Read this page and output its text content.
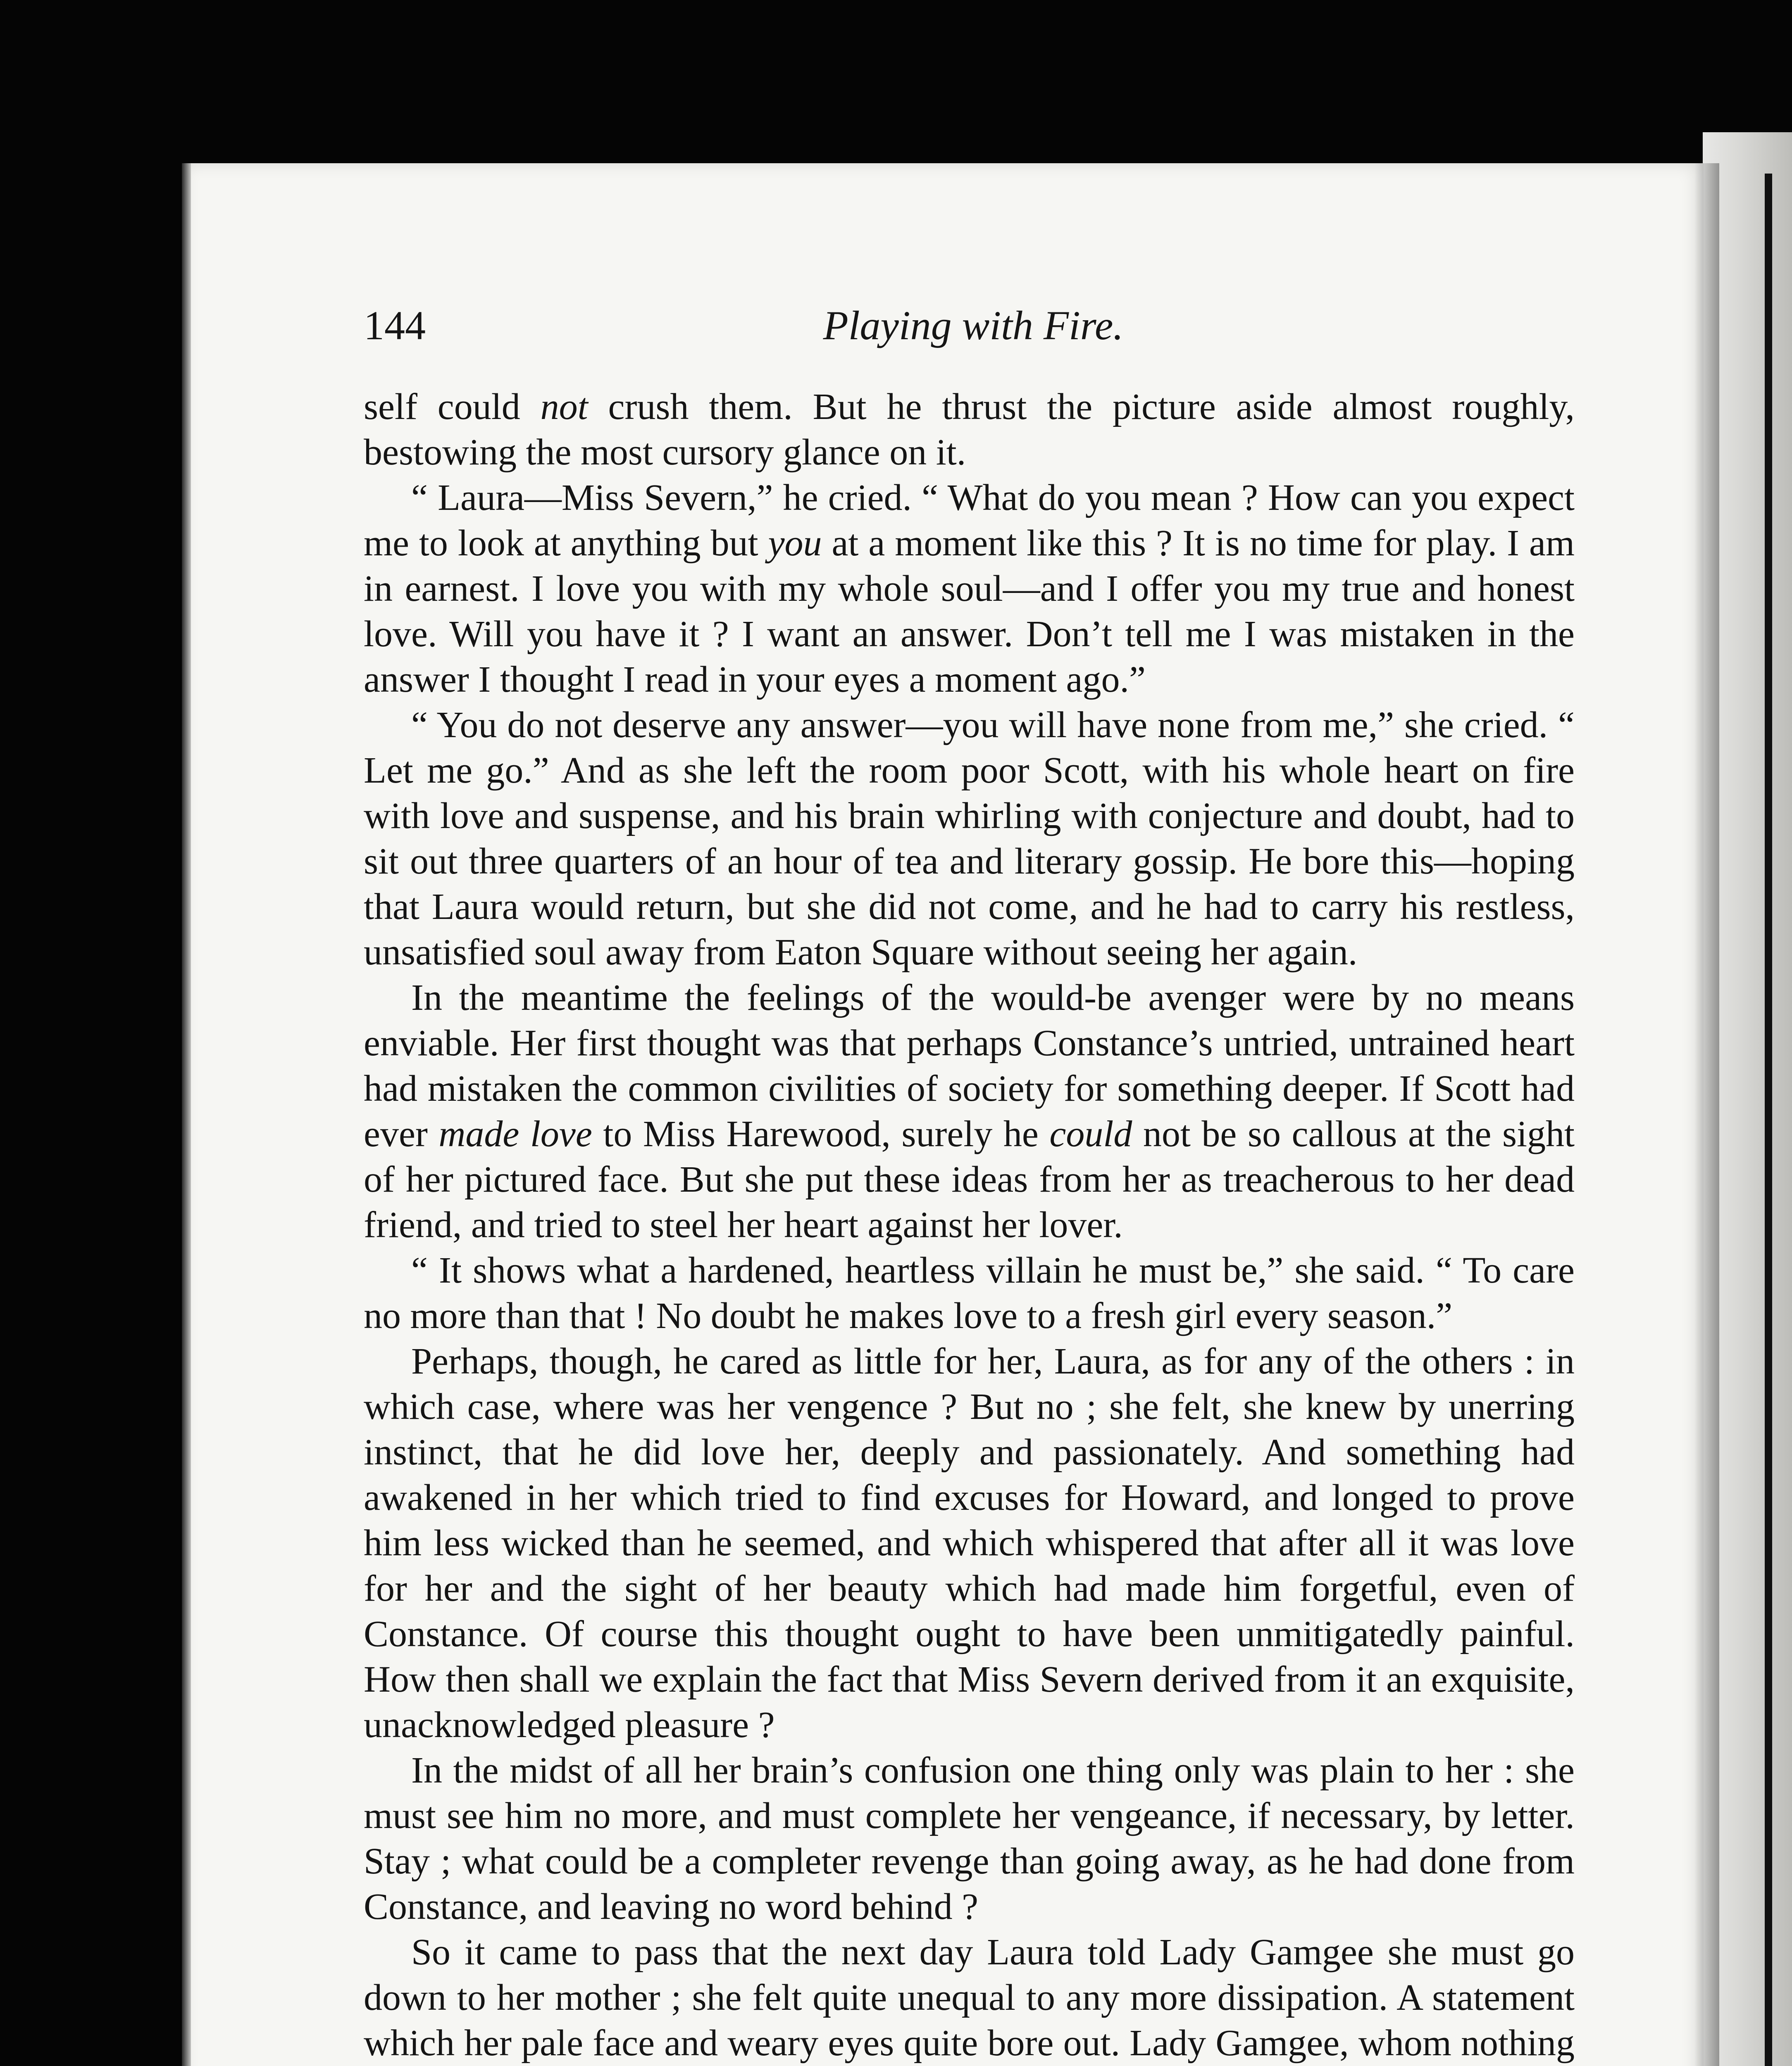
144	Playing with Fire.

self could not crush them. But he thrust the picture aside almost roughly, bestowing the most cursory glance on it.

“ Laura—Miss Severn,” he cried. “ What do you mean ? How can you expect me to look at anything but you at a moment like this ? It is no time for play. I am in earnest. I love you with my whole soul—and I offer you my true and honest love. Will you have it ? I want an answer. Don’t tell me I was mistaken in the answer I thought I read in your eyes a moment ago.”

“ You do not deserve any answer—you will have none from me,” she cried. “ Let me go.” And as she left the room poor Scott, with his whole heart on fire with love and suspense, and his brain whirling with conjecture and doubt, had to sit out three quarters of an hour of tea and literary gossip. He bore this—hoping that Laura would return, but she did not come, and he had to carry his restless, unsatisfied soul away from Eaton Square without seeing her again.

In the meantime the feelings of the would-be avenger were by no means enviable. Her first thought was that perhaps Constance’s untried, untrained heart had mistaken the common civilities of society for something deeper. If Scott had ever made love to Miss Harewood, surely he could not be so callous at the sight of her pictured face. But she put these ideas from her as treacherous to her dead friend, and tried to steel her heart against her lover.

“ It shows what a hardened, heartless villain he must be,” she said. “ To care no more than that ! No doubt he makes love to a fresh girl every season.”

Perhaps, though, he cared as little for her, Laura, as for any of the others : in which case, where was her vengence ? But no ; she felt, she knew by unerring instinct, that he did love her, deeply and passionately. And something had awakened in her which tried to find excuses for Howard, and longed to prove him less wicked than he seemed, and which whispered that after all it was love for her and the sight of her beauty which had made him forgetful, even of Constance. Of course this thought ought to have been unmitigatedly painful. How then shall we explain the fact that Miss Severn derived from it an exquisite, unacknowledged pleasure ?

In the midst of all her brain’s confusion one thing only was plain to her : she must see him no more, and must complete her vengeance, if necessary, by letter. Stay ; what could be a completer revenge than going away, as he had done from Constance, and leaving no word behind ?

So it came to pass that the next day Laura told Lady Gamgee she must go down to her mother ; she felt quite unequal to any more dissipation. A statement which her pale face and weary eyes quite bore out. Lady Gamgee, whom nothing
